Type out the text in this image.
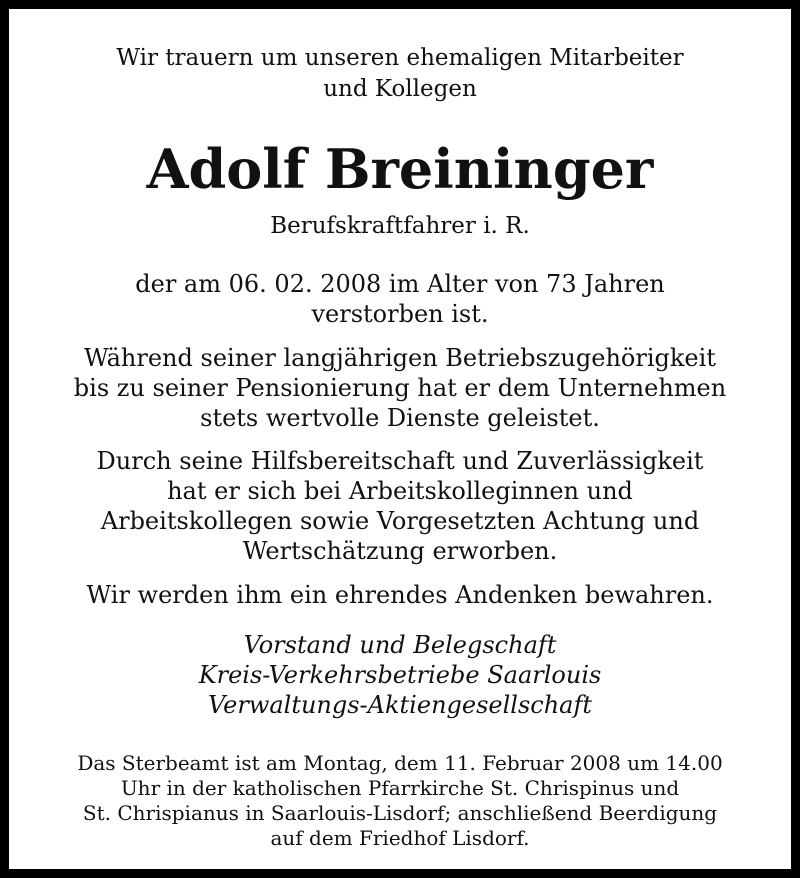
Wir trauern um unseren ehemaligen Mitarbeiter
und Kollegen
Adolf Breininger
Berufskraftfahrer i. R.
der am 06. 02. 2008 im Alter von 73 Jahren
verstorben ist.
Während seiner langjährigen Betriebszugehörigkeit
bis zu seiner Pensionierung hat er dem Unternehmen
stets wertvolle Dienste geleistet.
Durch seine Hilfsbereitschaft und Zuverlässigkeit
hat er sich bei Arbeitskolleginnen und
Arbeitskollegen sowie Vorgesetzten Achtung und
Wertschätzung erworben.
Wir werden ihm ein ehrendes Andenken bewahren.
Vorstand und Belegschaft
Kreis-Verkehrsbetriebe Saarlouis
Verwaltungs-Aktiengesellschaft
Das Sterbeamt ist am Montag, dem 11. Februar 2008 um 14.00
Uhr in der katholischen Pfarrkirche St. Chrispinus und
St. Chrispianus in Saarlouis-Lisdorf; anschließend Beerdigung
auf dem Friedhof Lisdorf.
